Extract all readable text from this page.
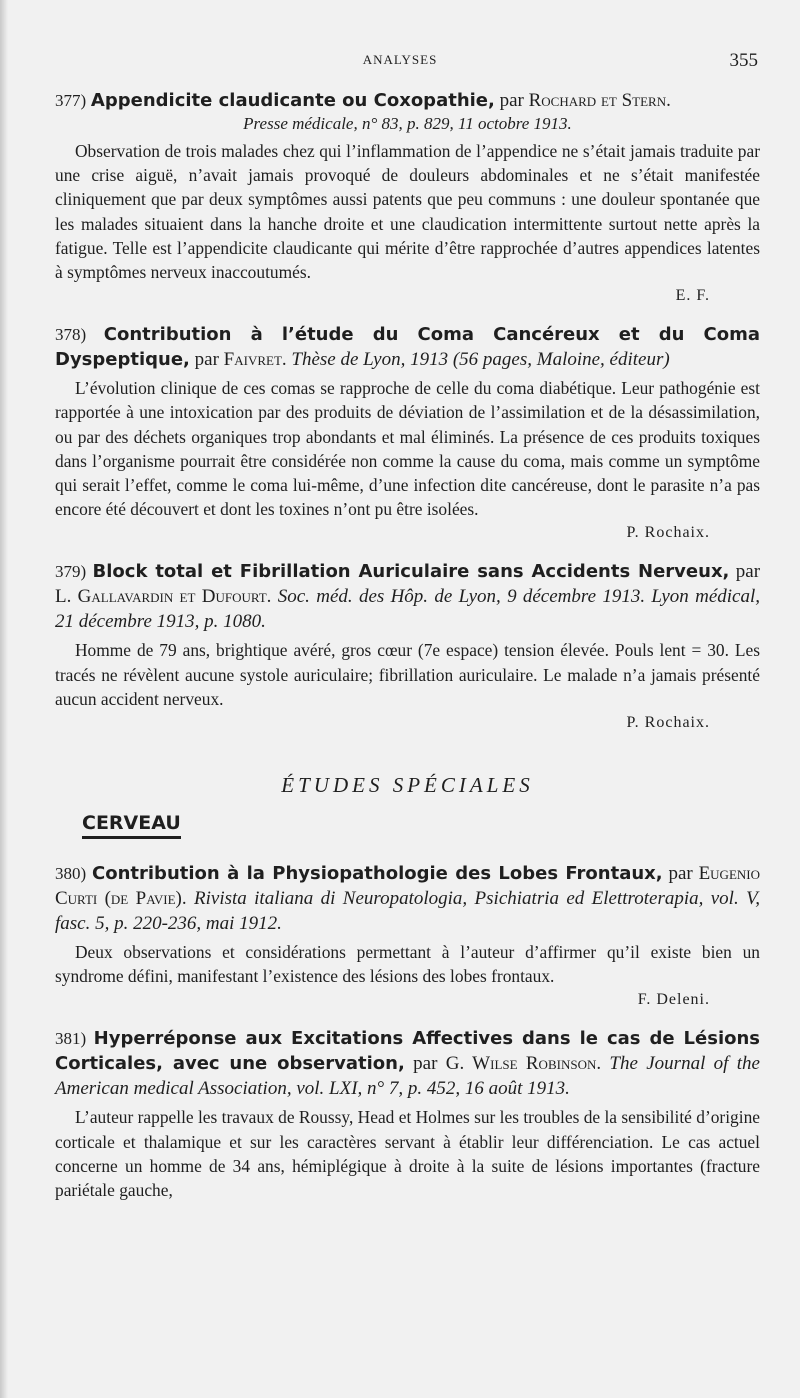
ANALYSES	355

377) Appendicite claudicante ou Coxopathie, par Rochard et Stern.

Presse médicale, n° 83, p. 829, 11 octobre 1913.

Observation de trois malades chez qui l’inflammation de l’appendice ne s’était jamais traduite par une crise aiguë, n’avait jamais provoqué de douleurs abdominales et ne s’était manifestée cliniquement que par deux symptômes aussi patents que peu communs : une douleur spontanée que les malades situaient dans la hanche droite et une claudication intermittente surtout nette après la fatigue. Telle est l’appendicite claudicante qui mérite d’être rapprochée d’autres appendices latentes à symptômes nerveux inaccoutumés.

E. F.

378) Contribution à l’étude du Coma Cancéreux et du Coma Dyspeptique, par Faivret. Thèse de Lyon, 1913 (56 pages, Maloine, éditeur)

L’évolution clinique de ces comas se rapproche de celle du coma diabétique. Leur pathogénie est rapportée à une intoxication par des produits de déviation de l’assimilation et de la désassimilation, ou par des déchets organiques trop abondants et mal éliminés. La présence de ces produits toxiques dans l’organisme pourrait être considérée non comme la cause du coma, mais comme un symptôme qui serait l’effet, comme le coma lui-même, d’une infection dite cancéreuse, dont le parasite n’a pas encore été découvert et dont les toxines n’ont pu être isolées.

P. Rochaix.

379) Block total et Fibrillation Auriculaire sans Accidents Nerveux, par L. Gallavardin et Dufourt. Soc. méd. des Hôp. de Lyon, 9 décembre 1913. Lyon médical, 21 décembre 1913, p. 1080.

Homme de 79 ans, brightique avéré, gros cœur (7e espace) tension élevée. Pouls lent = 30. Les tracés ne révèlent aucune systole auriculaire; fibrillation auriculaire. Le malade n’a jamais présenté aucun accident nerveux.

P. Rochaix.

ÉTUDES SPÉCIALES

CERVEAU

380) Contribution à la Physiopathologie des Lobes Frontaux, par Eugenio Curti (de Pavie). Rivista italiana di Neuropatologia, Psichiatria ed Elettroterapia, vol. V, fasc. 5, p. 220-236, mai 1912.

Deux observations et considérations permettant à l’auteur d’affirmer qu’il existe bien un syndrome défini, manifestant l’existence des lésions des lobes frontaux.

F. Deleni.

381) Hyperréponse aux Excitations Affectives dans le cas de Lésions Corticales, avec une observation, par G. Wilse Robinson. The Journal of the American medical Association, vol. LXI, n° 7, p. 452, 16 août 1913.

L’auteur rappelle les travaux de Roussy, Head et Holmes sur les troubles de la sensibilité d’origine corticale et thalamique et sur les caractères servant à établir leur différenciation. Le cas actuel concerne un homme de 34 ans, hémiplégique à droite à la suite de lésions importantes (fracture pariétale gauche,
